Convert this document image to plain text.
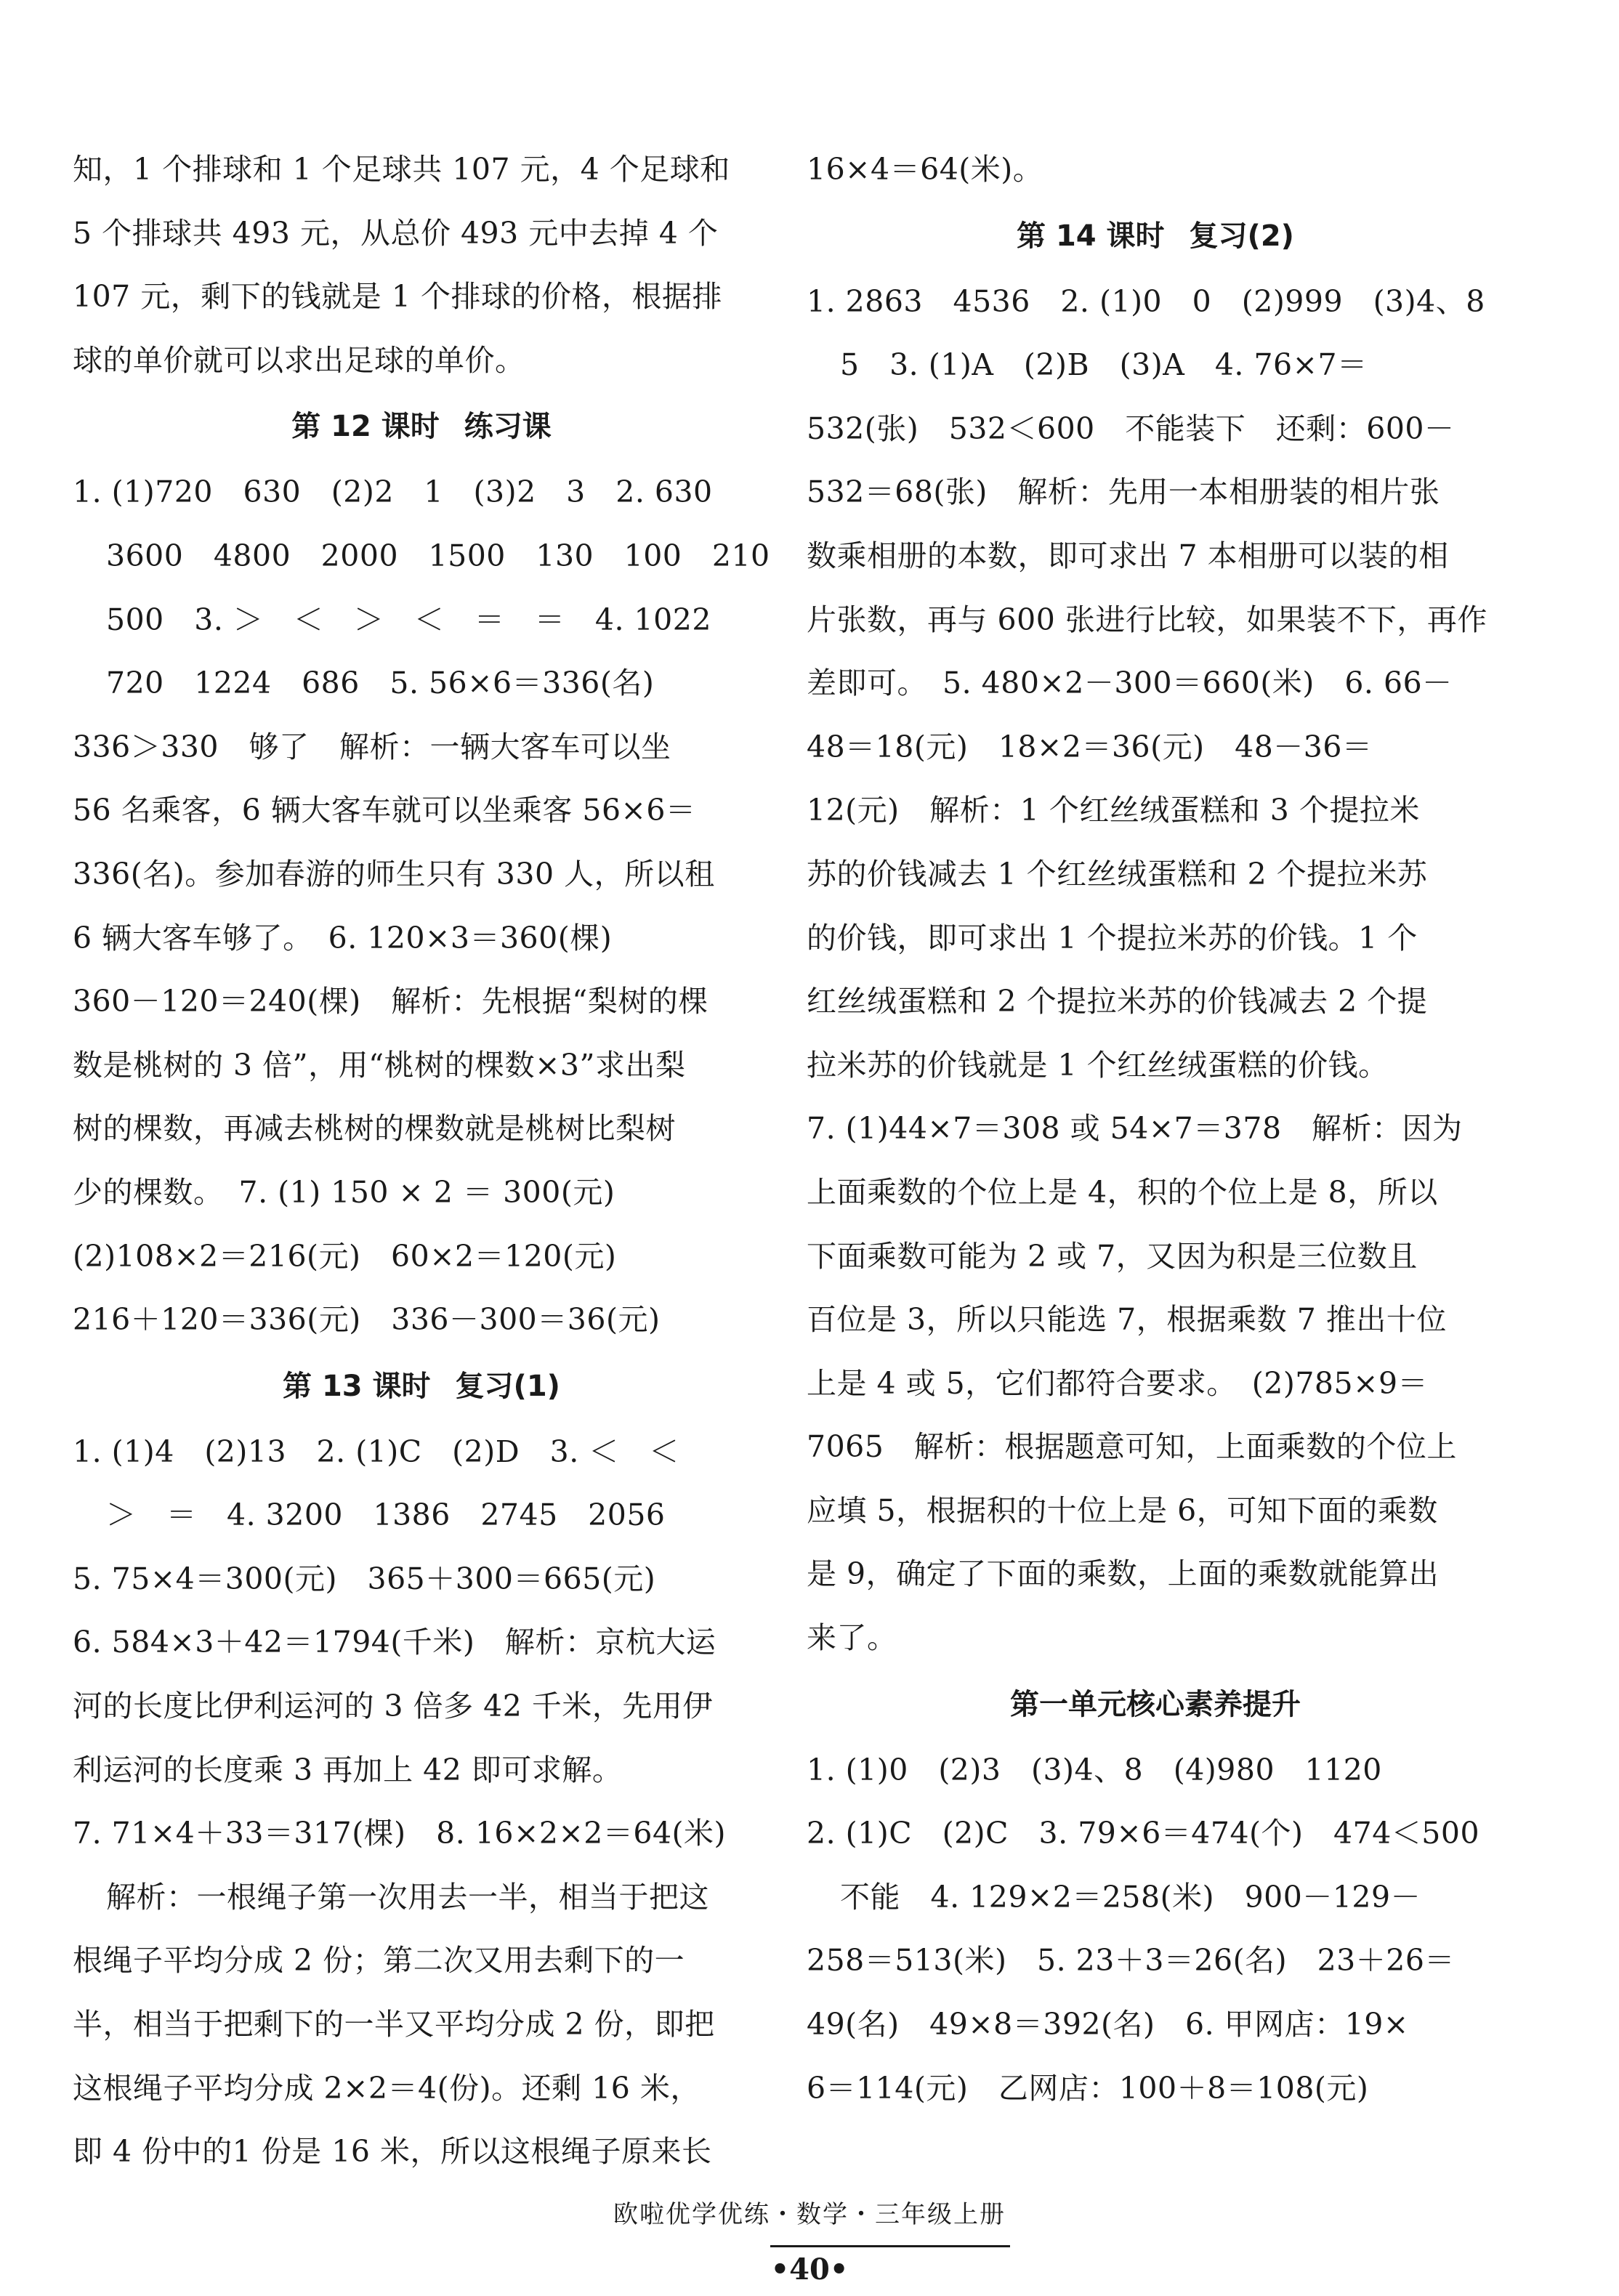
知，1 个排球和 1 个足球共 107 元，4 个足球和
5 个排球共 493 元，从总价 493 元中去掉 4 个
107 元，剩下的钱就是 1 个排球的价格，根据排
球的单价就可以求出足球的单价。
第 12 课时 练习课
1. (1)720　630　(2)2　1　(3)2　3　2. 630
3600　4800　2000　1500　130　100　210
500　3. ＞　＜　＞　＜　＝　＝　4. 1022
720　1224　686　5. 56×6＝336(名)
336＞330　够了　解析：一辆大客车可以坐
56 名乘客，6 辆大客车就可以坐乘客 56×6＝
336(名)。参加春游的师生只有 330 人，所以租
6 辆大客车够了。　6. 120×3＝360(棵)
360－120＝240(棵)　解析：先根据“梨树的棵
数是桃树的 3 倍”，用“桃树的棵数×3”求出梨
树的棵数，再减去桃树的棵数就是桃树比梨树
少的棵数。　7. (1) 150 × 2 ＝ 300(元)
(2)108×2＝216(元)　60×2＝120(元)
216＋120＝336(元)　336－300＝36(元)
第 13 课时 复习(1)
1. (1)4　(2)13　2. (1)C　(2)D　3. ＜　＜
＞　＝　4. 3200　1386　2745　2056
5. 75×4＝300(元)　365＋300＝665(元)
6. 584×3＋42＝1794(千米)　解析：京杭大运
河的长度比伊利运河的 3 倍多 42 千米，先用伊
利运河的长度乘 3 再加上 42 即可求解。
7. 71×4＋33＝317(棵)　8. 16×2×2＝64(米)
解析：一根绳子第一次用去一半，相当于把这
根绳子平均分成 2 份；第二次又用去剩下的一
半，相当于把剩下的一半又平均分成 2 份，即把
这根绳子平均分成 2×2＝4(份)。还剩 16 米，
即 4 份中的1 份是 16 米，所以这根绳子原来长
16×4＝64(米)。
第 14 课时 复习(2)
1. 2863　4536　2. (1)0　0　(2)999　(3)4、8
5　3. (1)A　(2)B　(3)A　4. 76×7＝
532(张)　532＜600　不能装下　还剩：600－
532＝68(张)　解析：先用一本相册装的相片张
数乘相册的本数，即可求出 7 本相册可以装的相
片张数，再与 600 张进行比较，如果装不下，再作
差即可。　5. 480×2－300＝660(米)　6. 66－
48＝18(元)　18×2＝36(元)　48－36＝
12(元)　解析：1 个红丝绒蛋糕和 3 个提拉米
苏的价钱减去 1 个红丝绒蛋糕和 2 个提拉米苏
的价钱，即可求出 1 个提拉米苏的价钱。1 个
红丝绒蛋糕和 2 个提拉米苏的价钱减去 2 个提
拉米苏的价钱就是 1 个红丝绒蛋糕的价钱。
7. (1)44×7＝308 或 54×7＝378　解析：因为
上面乘数的个位上是 4，积的个位上是 8，所以
下面乘数可能为 2 或 7，又因为积是三位数且
百位是 3，所以只能选 7，根据乘数 7 推出十位
上是 4 或 5，它们都符合要求。　(2)785×9＝
7065　解析：根据题意可知，上面乘数的个位上
应填 5，根据积的十位上是 6，可知下面的乘数
是 9，确定了下面的乘数，上面的乘数就能算出
来了。
第一单元核心素养提升
1. (1)0　(2)3　(3)4、8　(4)980　1120
2. (1)C　(2)C　3. 79×6＝474(个)　474＜500
不能　4. 129×2＝258(米)　900－129－
258＝513(米)　5. 23＋3＝26(名)　23＋26＝
49(名)　49×8＝392(名)　6. 甲网店：19×
6＝114(元)　乙网店：100＋8＝108(元)
欧啦优学优练・数学・三年级上册
•40•
